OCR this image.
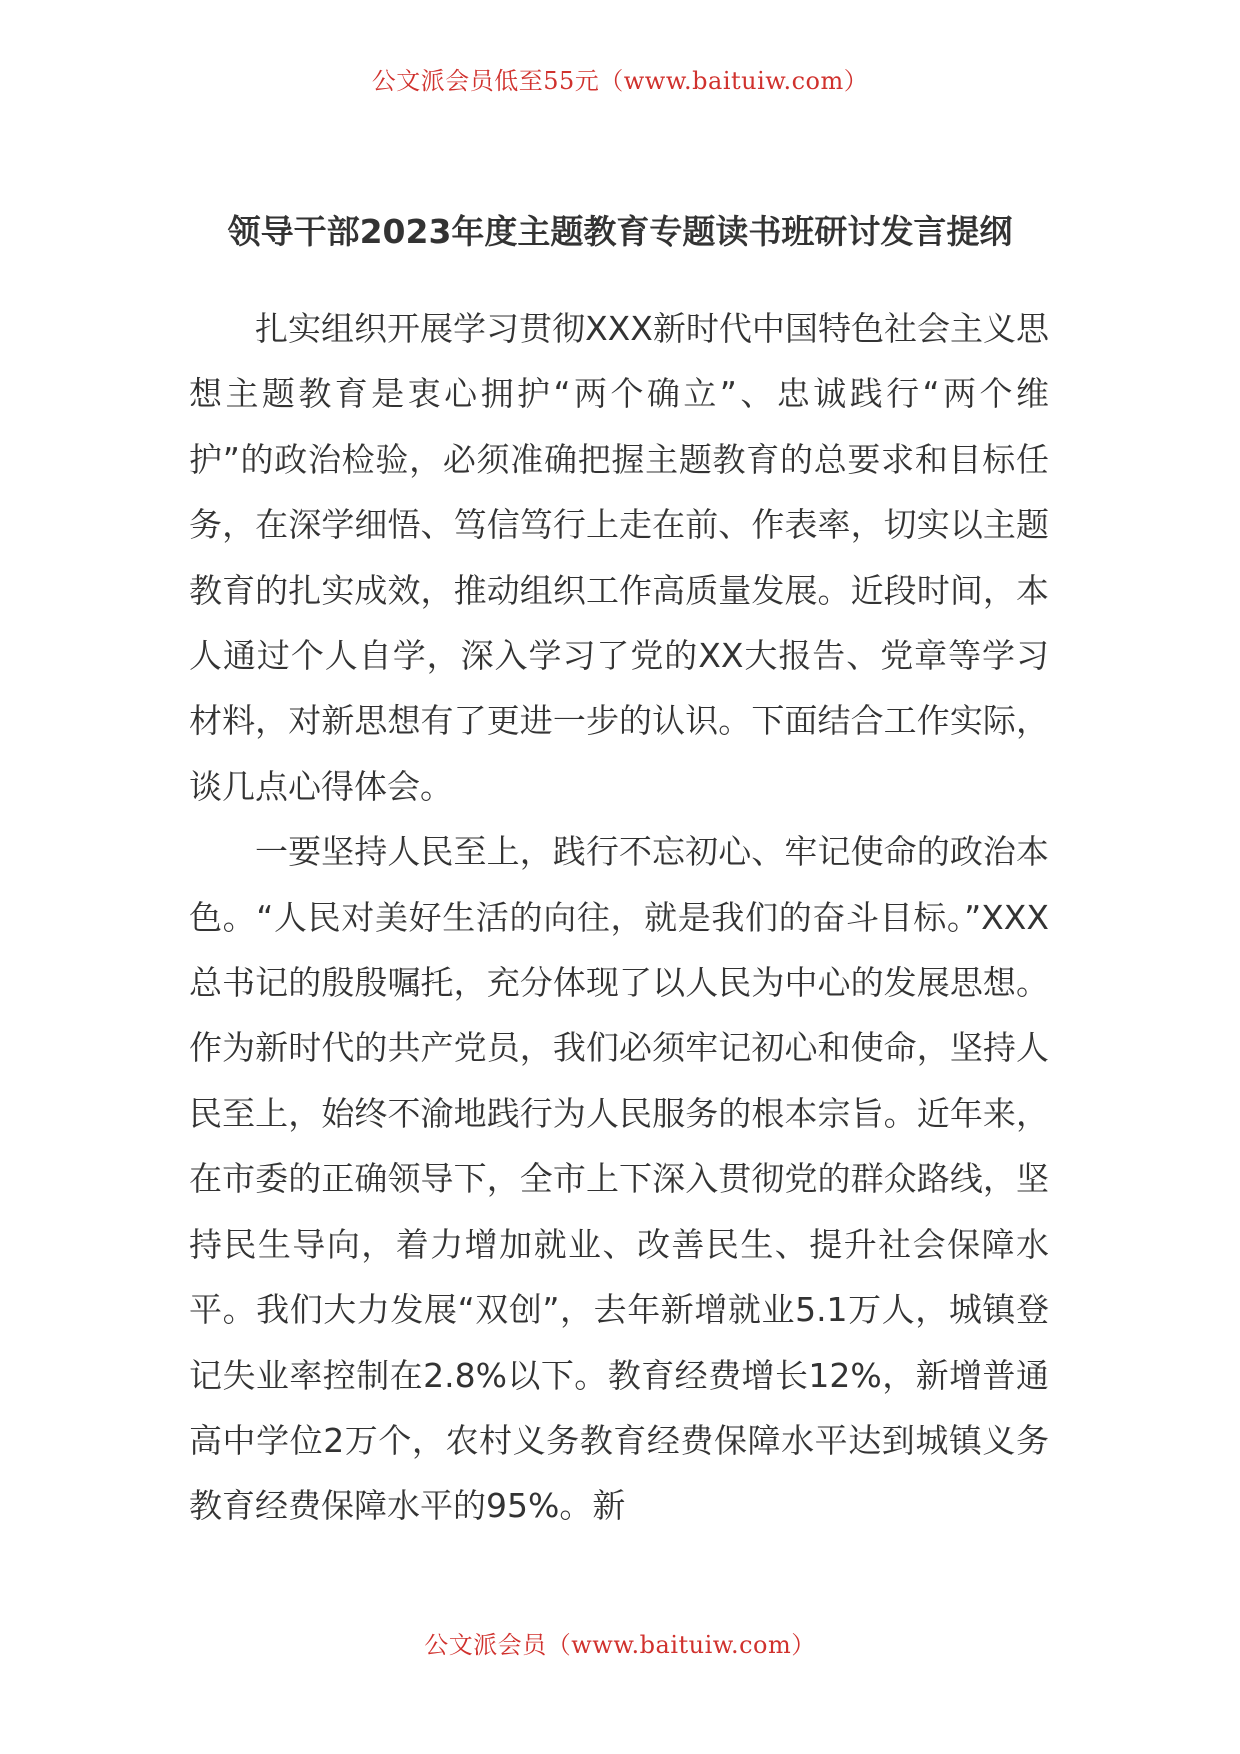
公文派会员低至55元（www.baituiw.com）
领导干部2023年度主题教育专题读书班研讨发言提纲

扎实组织开展学习贯彻XXX新时代中国特色社会主义思想主题教育是衷心拥护“两个确立”、忠诚践行“两个维护”的政治检验，必须准确把握主题教育的总要求和目标任务，在深学细悟、笃信笃行上走在前、作表率，切实以主题教育的扎实成效，推动组织工作高质量发展。近段时间，本人通过个人自学，深入学习了党的XX大报告、党章等学习材料，对新思想有了更进一步的认识。下面结合工作实际，谈几点心得体会。

一要坚持人民至上，践行不忘初心、牢记使命的政治本色。“人民对美好生活的向往，就是我们的奋斗目标。”XXX总书记的殷殷嘱托，充分体现了以人民为中心的发展思想。作为新时代的共产党员，我们必须牢记初心和使命，坚持人民至上，始终不渝地践行为人民服务的根本宗旨。近年来，在市委的正确领导下，全市上下深入贯彻党的群众路线，坚持民生导向，着力增加就业、改善民生、提升社会保障水平。我们大力发展“双创”，去年新增就业5.1万人，城镇登记失业率控制在2.8%以下。教育经费增长12%，新增普通高中学位2万个，农村义务教育经费保障水平达到城镇义务教育经费保障水平的95%。新

公文派会员（www.baituiw.com）
